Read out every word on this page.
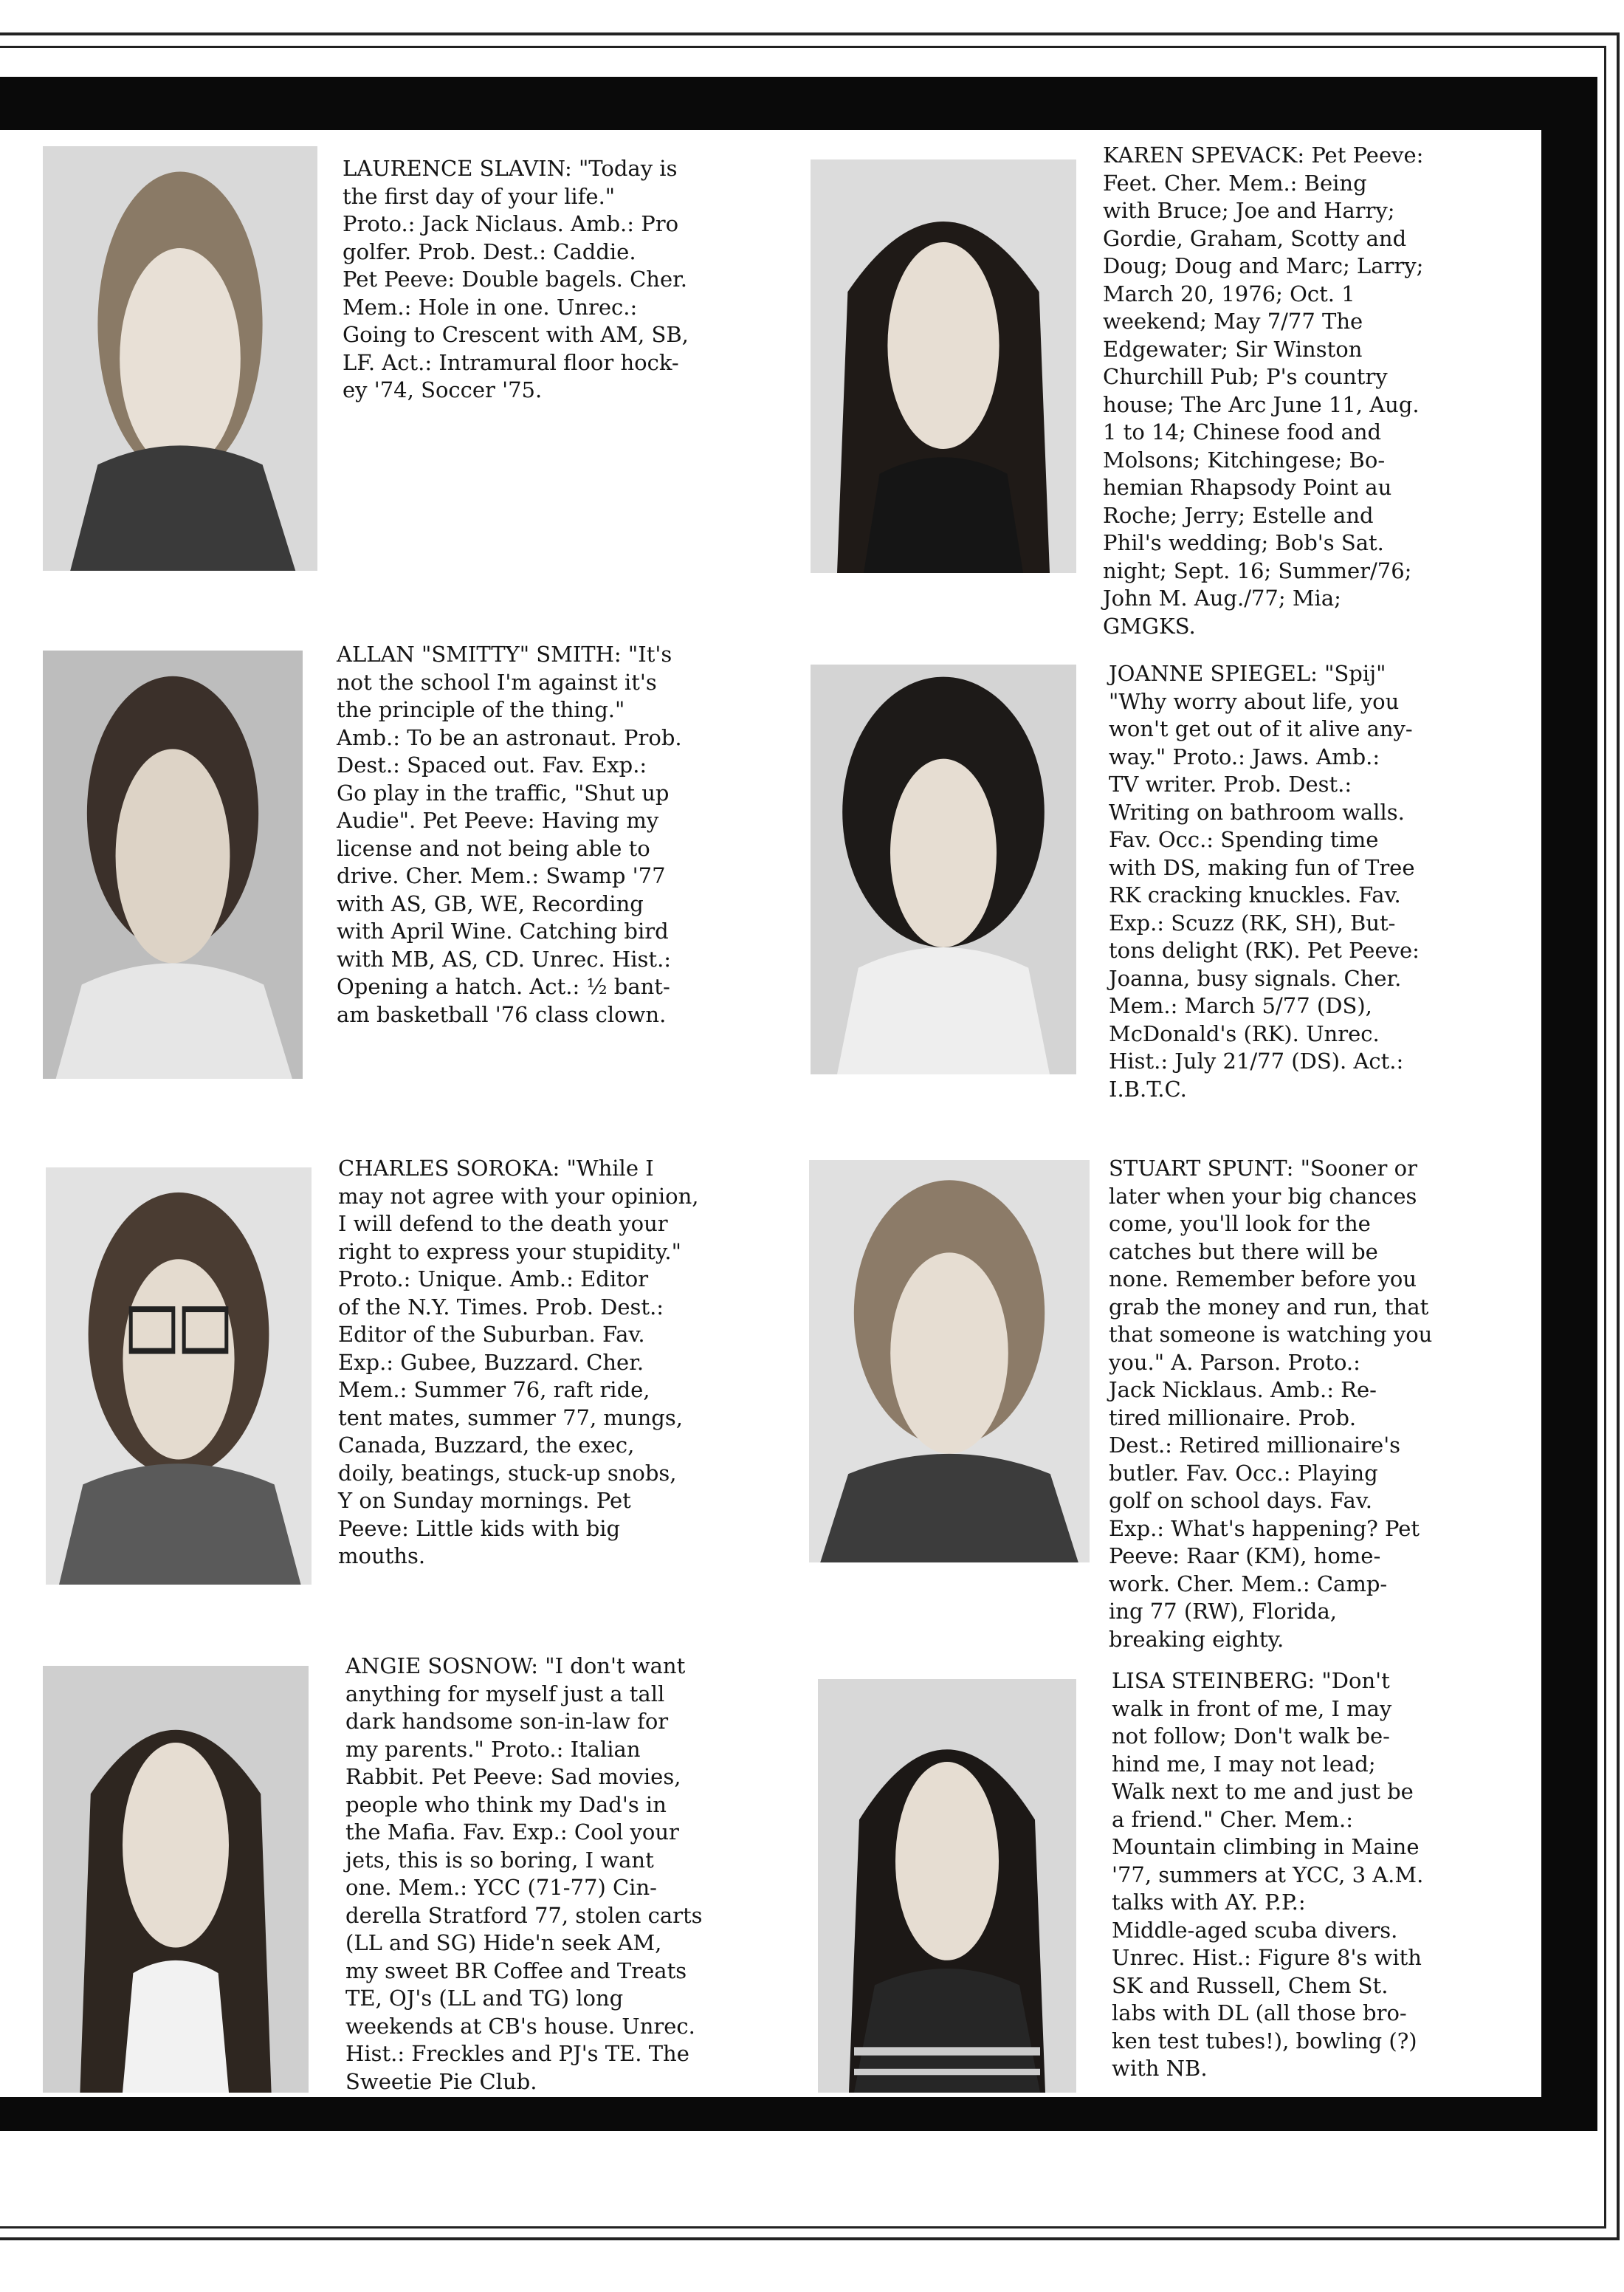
LAURENCE SLAVIN: "Today is
the first day of your life."
Proto.: Jack Niclaus. Amb.: Pro
golfer. Prob. Dest.: Caddie.
Pet Peeve: Double bagels. Cher.
Mem.: Hole in one. Unrec.:
Going to Crescent with AM, SB,
LF. Act.: Intramural floor hock-
ey '74, Soccer '75.
ALLAN "SMITTY" SMITH: "It's
not the school I'm against it's
the principle of the thing."
Amb.: To be an astronaut. Prob.
Dest.: Spaced out. Fav. Exp.:
Go play in the traffic, "Shut up
Audie". Pet Peeve: Having my
license and not being able to
drive. Cher. Mem.: Swamp '77
with AS, GB, WE, Recording
with April Wine. Catching bird
with MB, AS, CD. Unrec. Hist.:
Opening a hatch. Act.: ½ bant-
am basketball '76 class clown.
CHARLES SOROKA: "While I
may not agree with your opinion,
I will defend to the death your
right to express your stupidity."
Proto.: Unique. Amb.: Editor
of the N.Y. Times. Prob. Dest.:
Editor of the Suburban. Fav.
Exp.: Gubee, Buzzard. Cher.
Mem.: Summer 76, raft ride,
tent mates, summer 77, mungs,
Canada, Buzzard, the exec,
doily, beatings, stuck-up snobs,
Y on Sunday mornings. Pet
Peeve: Little kids with big
mouths.
ANGIE SOSNOW: "I don't want
anything for myself just a tall
dark handsome son-in-law for
my parents." Proto.: Italian
Rabbit. Pet Peeve: Sad movies,
people who think my Dad's in
the Mafia. Fav. Exp.: Cool your
jets, this is so boring, I want
one. Mem.: YCC (71-77) Cin-
derella Stratford 77, stolen carts
(LL and SG) Hide'n seek AM,
my sweet BR Coffee and Treats
TE, OJ's (LL and TG) long
weekends at CB's house. Unrec.
Hist.: Freckles and PJ's TE. The
Sweetie Pie Club.
KAREN SPEVACK: Pet Peeve:
Feet. Cher. Mem.: Being
with Bruce; Joe and Harry;
Gordie, Graham, Scotty and
Doug; Doug and Marc; Larry;
March 20, 1976; Oct. 1
weekend; May 7/77 The
Edgewater; Sir Winston
Churchill Pub; P's country
house; The Arc June 11, Aug.
1 to 14; Chinese food and
Molsons; Kitchingese; Bo-
hemian Rhapsody Point au
Roche; Jerry; Estelle and
Phil's wedding; Bob's Sat.
night; Sept. 16; Summer/76;
John M. Aug./77; Mia;
GMGKS.
JOANNE SPIEGEL: "Spij"
"Why worry about life, you
won't get out of it alive any-
way." Proto.: Jaws. Amb.:
TV writer. Prob. Dest.:
Writing on bathroom walls.
Fav. Occ.: Spending time
with DS, making fun of Tree
RK cracking knuckles. Fav.
Exp.: Scuzz (RK, SH), But-
tons delight (RK). Pet Peeve:
Joanna, busy signals. Cher.
Mem.: March 5/77 (DS),
McDonald's (RK). Unrec.
Hist.: July 21/77 (DS). Act.:
I.B.T.C.
STUART SPUNT: "Sooner or
later when your big chances
come, you'll look for the
catches but there will be
none. Remember before you
grab the money and run, that
that someone is watching you
you." A. Parson. Proto.:
Jack Nicklaus. Amb.: Re-
tired millionaire. Prob.
Dest.: Retired millionaire's
butler. Fav. Occ.: Playing
golf on school days. Fav.
Exp.: What's happening? Pet
Peeve: Raar (KM), home-
work. Cher. Mem.: Camp-
ing 77 (RW), Florida,
breaking eighty.
LISA STEINBERG: "Don't
walk in front of me, I may
not follow; Don't walk be-
hind me, I may not lead;
Walk next to me and just be
a friend." Cher. Mem.:
Mountain climbing in Maine
'77, summers at YCC, 3 A.M.
talks with AY. P.P.:
Middle-aged scuba divers.
Unrec. Hist.: Figure 8's with
SK and Russell, Chem St.
labs with DL (all those bro-
ken test tubes!), bowling (?)
with NB.
